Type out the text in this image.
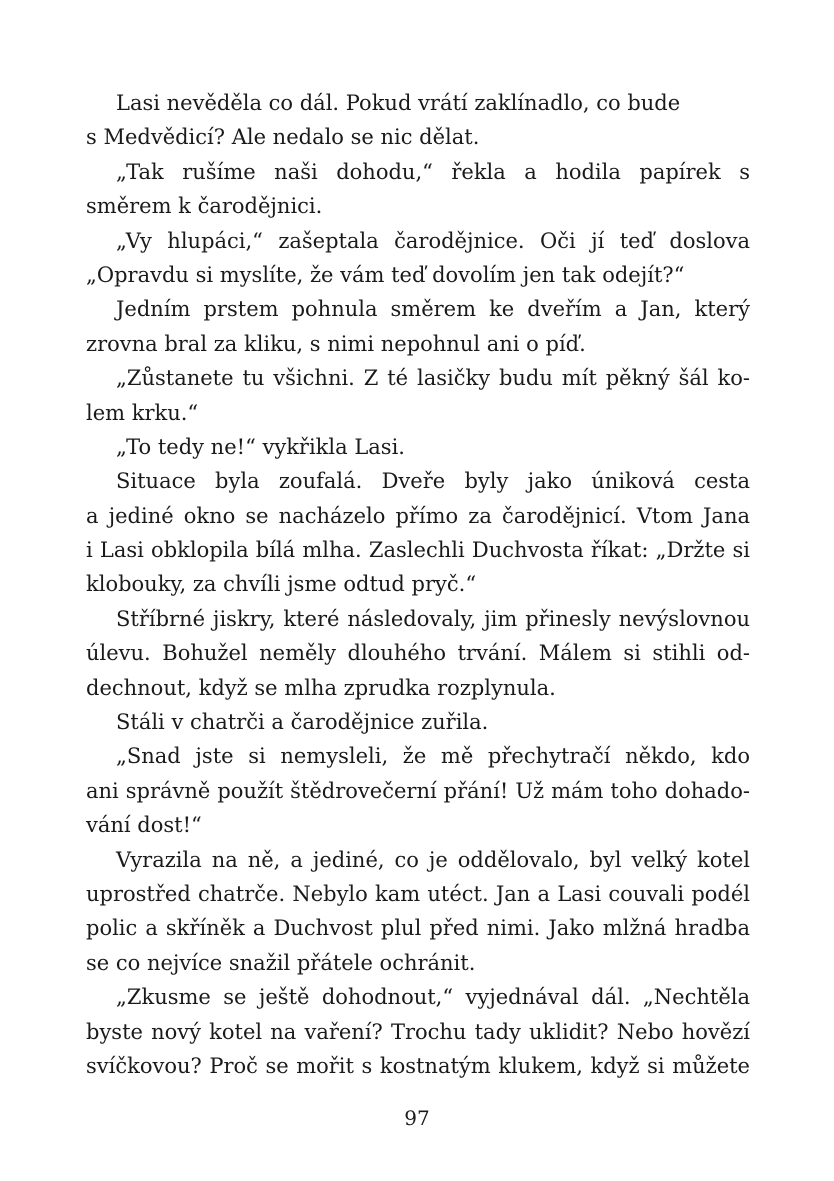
Lasi nevěděla co dál. Pokud vrátí zaklínadlo, co bude
s Medvědicí? Ale nedalo se nic dělat.
„Tak rušíme naši dohodu,“ řekla a hodila papírek s
směrem k čarodějnici.
„Vy hlupáci,“ zašeptala čarodějnice. Oči jí teď doslova
„Opravdu si myslíte, že vám teď dovolím jen tak odejít?“
Jedním prstem pohnula směrem ke dveřím a Jan, který
zrovna bral za kliku, s nimi nepohnul ani o píď.
„Zůstanete tu všichni. Z té lasičky budu mít pěkný šál ko-
lem krku.“
„To tedy ne!“ vykřikla Lasi.
Situace byla zoufalá. Dveře byly jako úniková cesta
a jediné okno se nacházelo přímo za čarodějnicí. Vtom Jana
i Lasi obklopila bílá mlha. Zaslechli Duchvosta říkat: „Držte si
klobouky, za chvíli jsme odtud pryč.“
Stříbrné jiskry, které následovaly, jim přinesly nevýslovnou
úlevu. Bohužel neměly dlouhého trvání. Málem si stihli od-
dechnout, když se mlha zprudka rozplynula.
Stáli v chatrči a čarodějnice zuřila.
„Snad jste si nemysleli, že mě přechytračí někdo, kdo
ani správně použít štědrovečerní přání! Už mám toho dohado-
vání dost!“
Vyrazila na ně, a jediné, co je oddělovalo, byl velký kotel
uprostřed chatrče. Nebylo kam utéct. Jan a Lasi couvali podél
polic a skříněk a Duchvost plul před nimi. Jako mlžná hradba
se co nejvíce snažil přátele ochránit.
„Zkusme se ještě dohodnout,“ vyjednával dál. „Nechtěla
byste nový kotel na vaření? Trochu tady uklidit? Nebo hovězí
svíčkovou? Proč se mořit s kostnatým klukem, když si můžete
97
